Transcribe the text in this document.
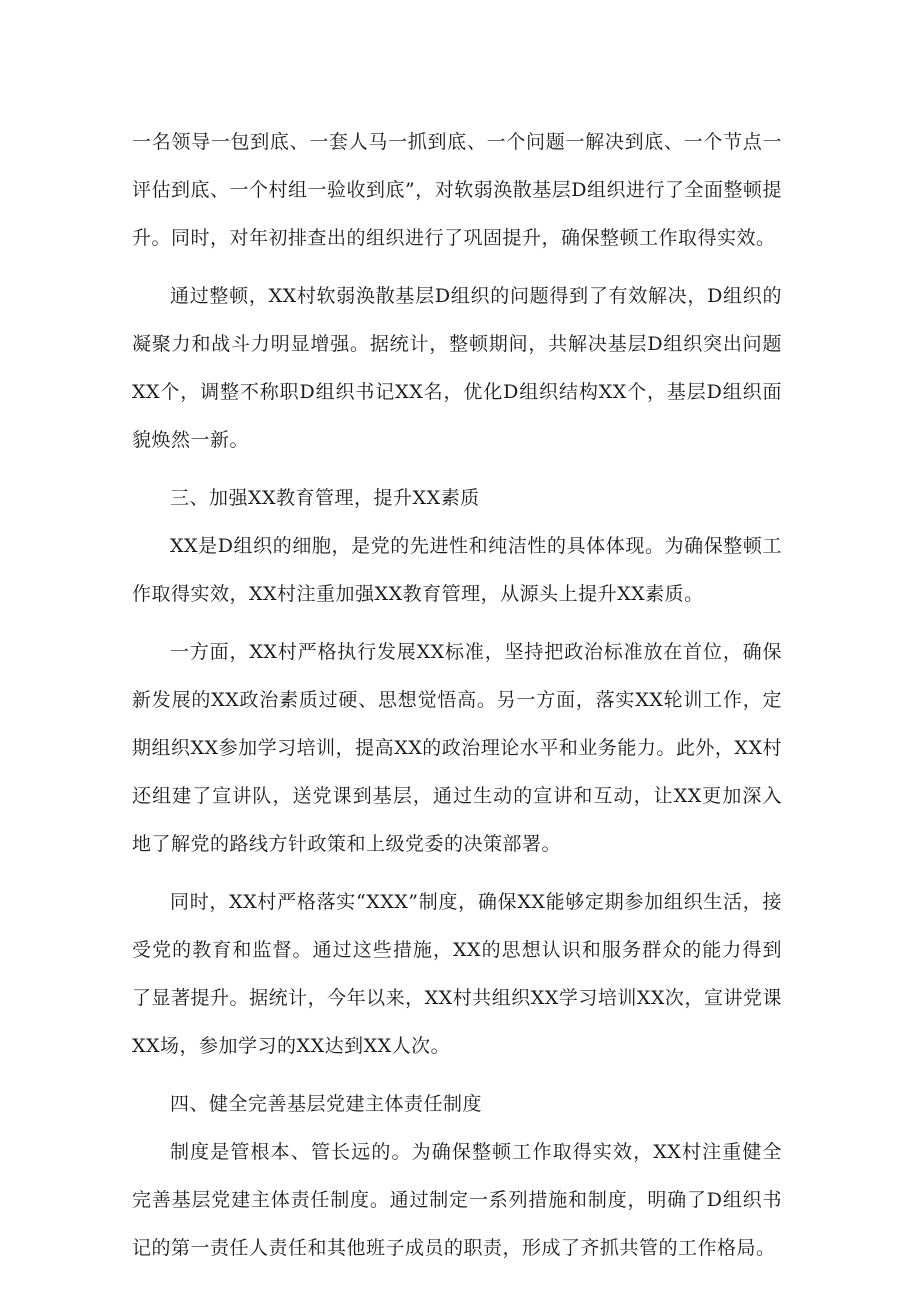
一名领导一包到底、一套人马一抓到底、一个问题一解决到底、一个节点一评估到底、一个村组一验收到底”，对软弱涣散基层D组织进行了全面整顿提升。同时，对年初排查出的组织进行了巩固提升，确保整顿工作取得实效。

通过整顿，XX村软弱涣散基层D组织的问题得到了有效解决，D组织的凝聚力和战斗力明显增强。据统计，整顿期间，共解决基层D组织突出问题XX个，调整不称职D组织书记XX名，优化D组织结构XX个，基层D组织面貌焕然一新。

三、加强XX教育管理，提升XX素质

XX是D组织的细胞，是党的先进性和纯洁性的具体体现。为确保整顿工作取得实效，XX村注重加强XX教育管理，从源头上提升XX素质。

一方面，XX村严格执行发展XX标准，坚持把政治标准放在首位，确保新发展的XX政治素质过硬、思想觉悟高。另一方面，落实XX轮训工作，定期组织XX参加学习培训，提高XX的政治理论水平和业务能力。此外，XX村还组建了宣讲队，送党课到基层，通过生动的宣讲和互动，让XX更加深入地了解党的路线方针政策和上级党委的决策部署。

同时，XX村严格落实“XXX”制度，确保XX能够定期参加组织生活，接受党的教育和监督。通过这些措施，XX的思想认识和服务群众的能力得到了显著提升。据统计，今年以来，XX村共组织XX学习培训XX次，宣讲党课XX场，参加学习的XX达到XX人次。

四、健全完善基层党建主体责任制度

制度是管根本、管长远的。为确保整顿工作取得实效，XX村注重健全完善基层党建主体责任制度。通过制定一系列措施和制度，明确了D组织书记的第一责任人责任和其他班子成员的职责，形成了齐抓共管的工作格局。
